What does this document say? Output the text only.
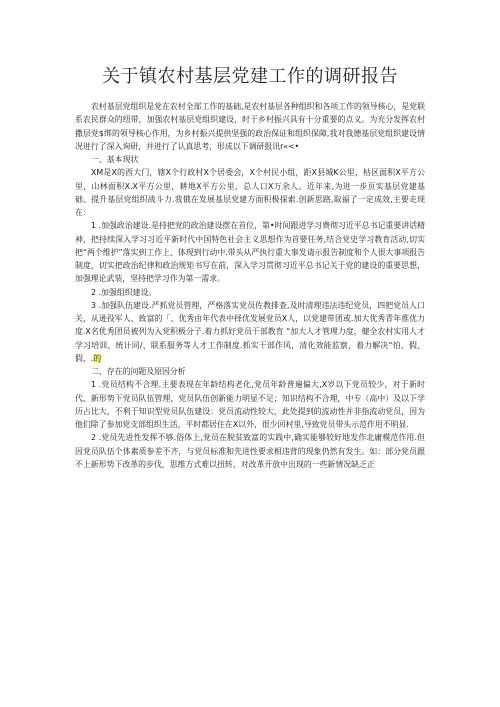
关于镇农村基层党建工作的调研报告

农村基层党组织是党在农村全部工作的基础,是农村基层各种组织和各项工作的领导核心，是党联系农民群众的纽带，加强农村基层党组织建设，时于乡村振兴具有十分重要的点义。为充分发挥农村撒层党$绑的领导核心作用，为乡村振兴提供坚强的政治保证和组织保障,我对我德基层党组织建设情况进行了深入询研，并进行了认真思考，形成以下调研报讯r«<•

一、基本现状

XM是X的西大门，辖X个行政村X个居委会，X个村民小组，距X县城K公里，枯区面积X平方公里，山林面积X.X平方公里，耕地X平方公里，总人口X万余人。近年来,为进一步页实基层党建基础、提升基层党组织战斗力.我俄在发展基层党建方面积极探索.创新思路,取福了一定成效,主要走现在：

1 .加强政治建设.是持把党的政治建设摆在首位，第•时间跟进学习费彻习近平总书记重要讲话精神，把持续深入学习习近平新时代中国特色社会主义思想作为首要任务,结合党史学习教育活动,切实把“两个维护”落实到工作上、体现到行动中.带头从严执行重大事发请示报告制度和个人很大事项报告制度，切实把政治纪律和政治规矩书写在前，深入学习贯彻习近平总书记关于党的建设的重要思想，加强理论武装，坚持把学习作为第一需求。

2 .加强组织建设。

3 .加强队伍建设.严抓党员管理，严格落实党员佐教排查,及时清理违法违纪党员，四把党员人口关，从逊役军人、致富的「、优秀由年代表中择优发展党员X人，以党建带团或.加大优秀青年推优力度.X名优秀团员被列为入党积极分子.着力抓好党员干部教育 “加大人才管理力度，健全农村实用人才学习培训、统计同/、联系服务等人才工作制度.抓实干部作风，清化效能监察，着力解决“怕、假、假、.的

二、存在的问题及原因分析

1 .党员结构不合理.主要表现在年龄结构老化,党员年龄普遍偏大,X岁以下党员较少，对于新时代、新形势下党员队伍管理，党员队伍创新能力明显不足；知识结构不合理，中专（高中）及以下学历占比大，不利于知识型党员队伍建设：党员流动性较大，此处提到的流动性并非指流动党员，因为他们除了参加党支部组织生活，平时都居住在X以外，很少回村里,导致党员带头示范作用不明显.

2 .党员先进性发挥不够.俗体上,党员在脱贫致富的实践中,确实能够较好地发作北庸模范作用.但因党员队伍个体素质参差不齐，与党员标准和先进性要求相违背的现象仍然有发生。如：部分党员跟不上新形势下改革的步伐，思维方式难以扭转，对改革开放中出现的一些新情况缺乏正
